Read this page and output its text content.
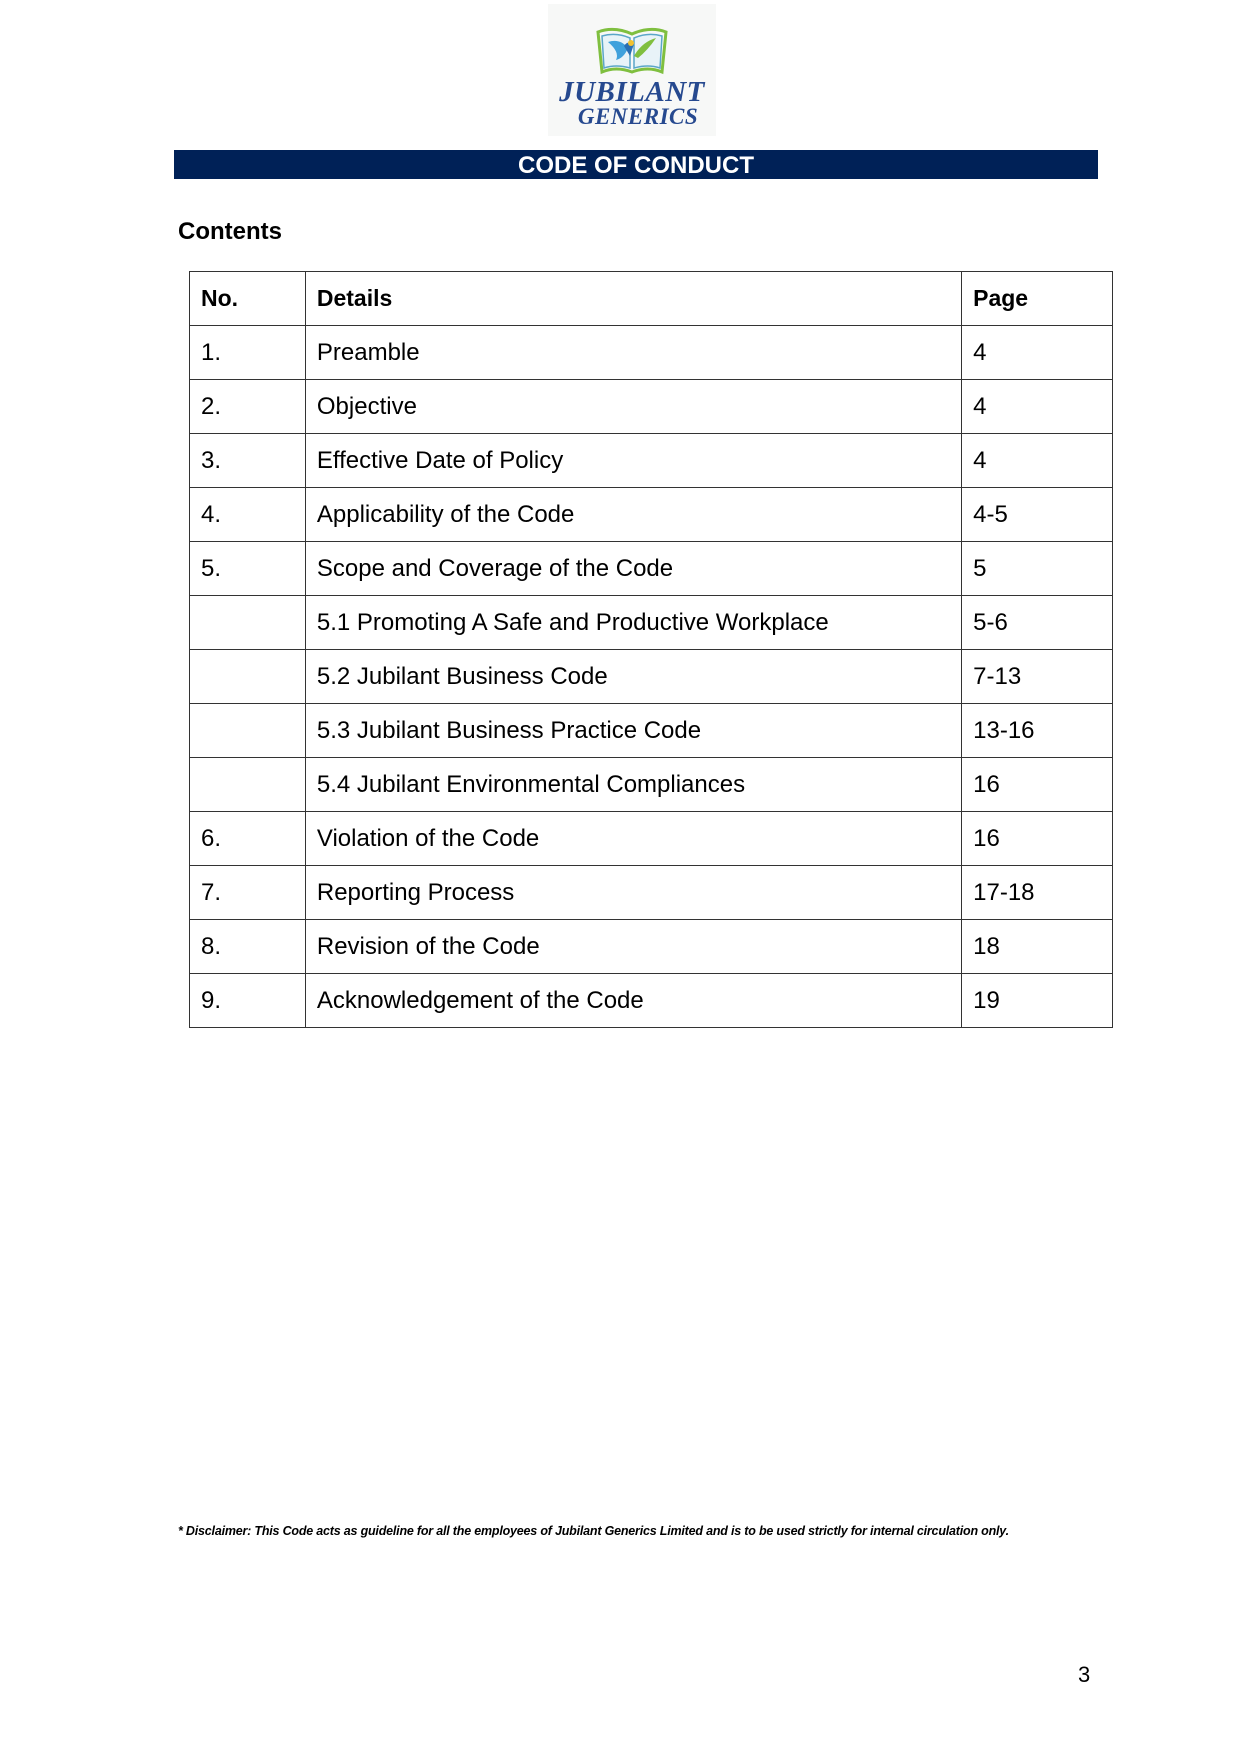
JUBILANT
GENERICS
CODE OF CONDUCT
Contents
No.	Details	Page
1.	Preamble	4
2.	Objective	4
3.	Effective Date of Policy	4
4.	Applicability of the Code	4-5
5.	Scope and Coverage of the Code	5
	5.1 Promoting A Safe and Productive Workplace	5-6
	5.2 Jubilant Business Code	7-13
	5.3 Jubilant Business Practice Code	13-16
	5.4 Jubilant Environmental Compliances	16
6.	Violation of the Code	16
7.	Reporting Process	17-18
8.	Revision of the Code	18
9.	Acknowledgement of the Code	19
* Disclaimer: This Code acts as guideline for all the employees of Jubilant Generics Limited and is to be used strictly for internal circulation only.
3
